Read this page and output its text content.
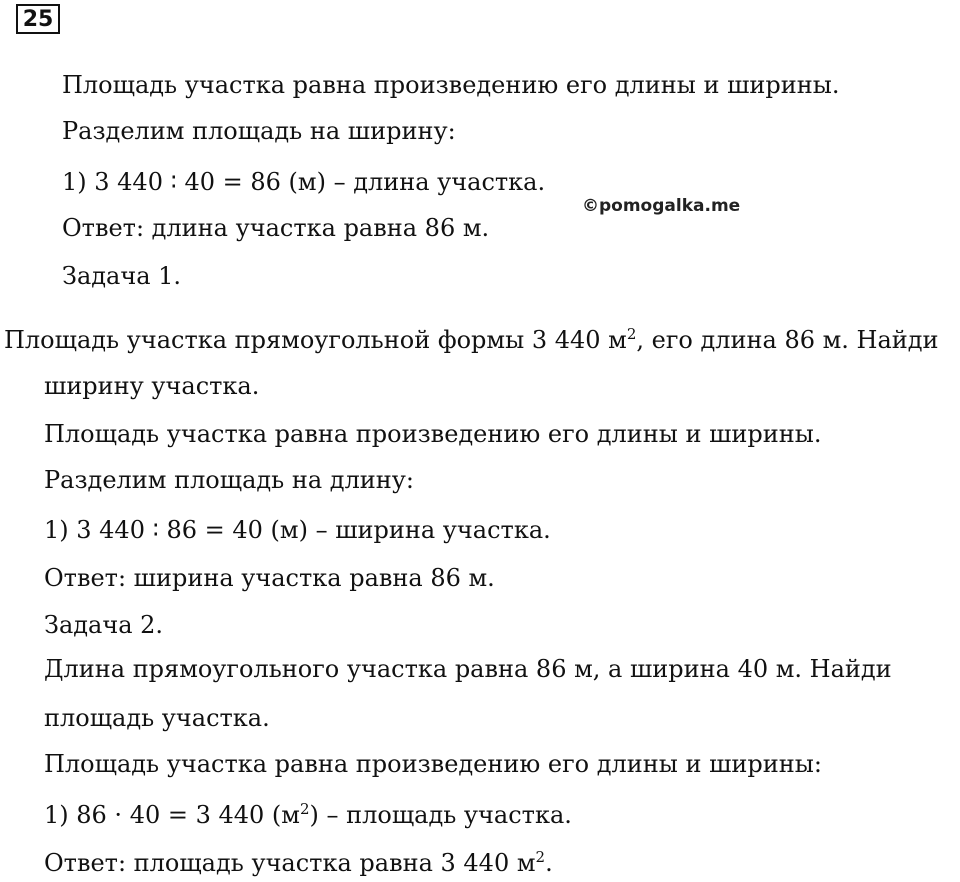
25
©pomogalka.me
Площадь участка равна произведению его длины и ширины.
Разделим площадь на ширину:
1) 3 440 ∶ 40 = 86 (м) – длина участка.
Ответ: длина участка равна 86 м.
Задача 1.
Площадь участка прямоугольной формы 3 440 $м^2$, его длина 86 м. Найди
ширину участка.
Площадь участка равна произведению его длины и ширины.
Разделим площадь на длину:
1) 3 440 ∶ 86 = 40 (м) – ширина участка.
Ответ: ширина участка равна 86 м.
Задача 2.
Длина прямоугольного участка равна 86 м, а ширина 40 м. Найди
площадь участка.
Площадь участка равна произведению его длины и ширины:
1) 86 · 40 = 3 440 $(м^2)$ – площадь участка.
Ответ: площадь участка равна 3 440 $м^2$.
